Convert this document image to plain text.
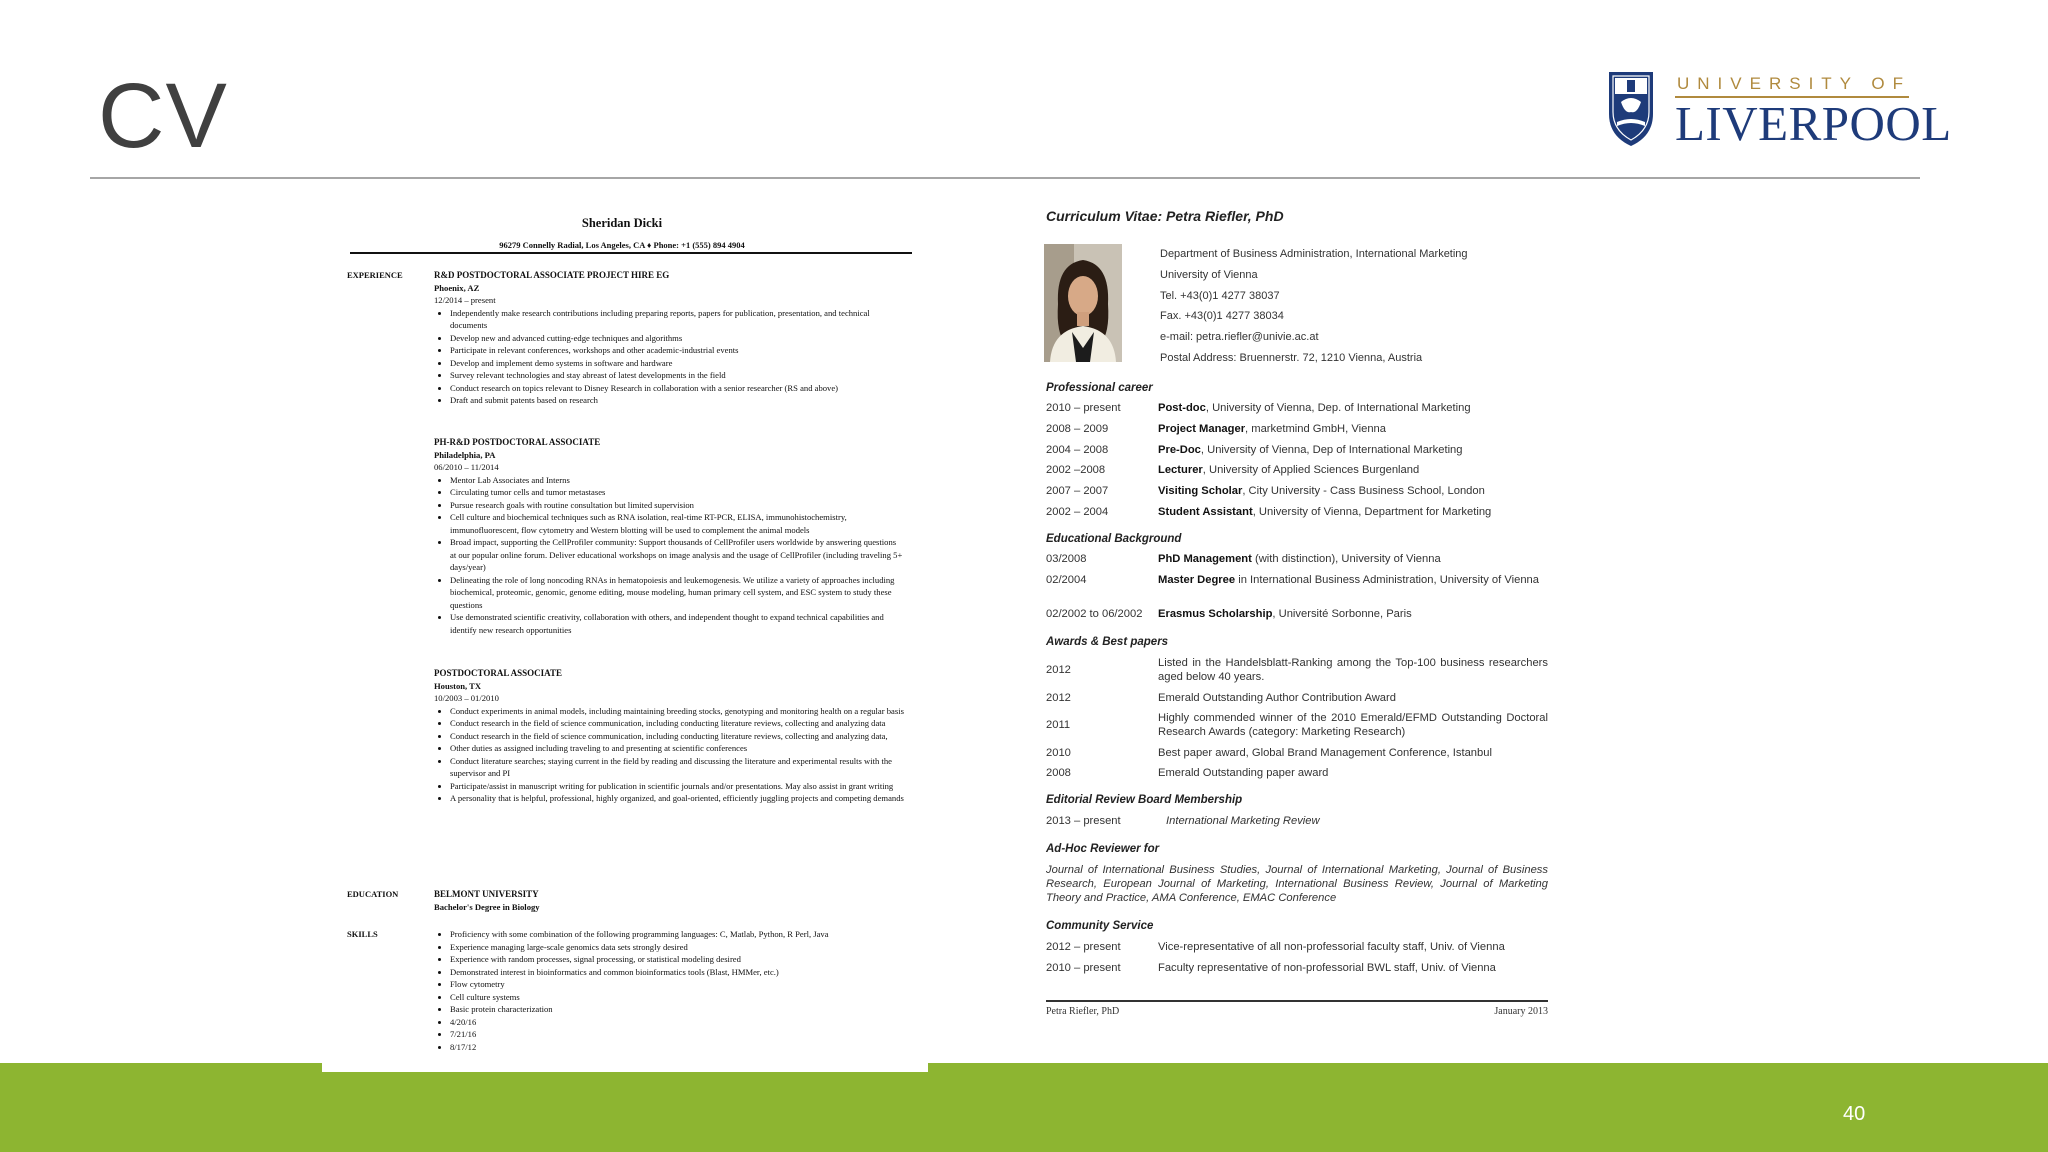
CV	UNIVERSITY OF
LIVERPOOL
40
Sheridan Dicki
96279 Connelly Radial, Los Angeles, CA ♦ Phone: +1 (555) 894 4904
EXPERIENCE	R&D POSTDOCTORAL ASSOCIATE PROJECT HIRE EG
Phoenix, AZ
12/2014 – present
• Independently make research contributions including preparing reports, papers for publication, presentation, and technical documents
• Develop new and advanced cutting-edge techniques and algorithms
• Participate in relevant conferences, workshops and other academic-industrial events
• Develop and implement demo systems in software and hardware
• Survey relevant technologies and stay abreast of latest developments in the field
• Conduct research on topics relevant to Disney Research in collaboration with a senior researcher (RS and above)
• Draft and submit patents based on research
PH-R&D POSTDOCTORAL ASSOCIATE
Philadelphia, PA
06/2010 – 11/2014
• Mentor Lab Associates and Interns
• Circulating tumor cells and tumor metastases
• Pursue research goals with routine consultation but limited supervision
• Cell culture and biochemical techniques such as RNA isolation, real-time RT-PCR, ELISA, immunohistochemistry, immunofluorescent, flow cytometry and Western blotting will be used to complement the animal models
• Broad impact, supporting the CellProfiler community: Support thousands of CellProfiler users worldwide by answering questions at our popular online forum. Deliver educational workshops on image analysis and the usage of CellProfiler (including traveling 5+ days/year)
• Delineating the role of long noncoding RNAs in hematopoiesis and leukemogenesis. We utilize a variety of approaches including biochemical, proteomic, genomic, genome editing, mouse modeling, human primary cell system, and ESC system to study these questions
• Use demonstrated scientific creativity, collaboration with others, and independent thought to expand technical capabilities and identify new research opportunities
POSTDOCTORAL ASSOCIATE
Houston, TX
10/2003 – 01/2010
• Conduct experiments in animal models, including maintaining breeding stocks, genotyping and monitoring health on a regular basis
• Conduct research in the field of science communication, including conducting literature reviews, collecting and analyzing data
• Conduct research in the field of science communication, including conducting literature reviews, collecting and analyzing data,
• Other duties as assigned including traveling to and presenting at scientific conferences
• Conduct literature searches; staying current in the field by reading and discussing the literature and experimental results with the supervisor and PI
• Participate/assist in manuscript writing for publication in scientific journals and/or presentations. May also assist in grant writing
• A personality that is helpful, professional, highly organized, and goal-oriented, efficiently juggling projects and competing demands
EDUCATION	BELMONT UNIVERSITY
Bachelor's Degree in Biology
SKILLS
•	Proficiency with some combination of the following programming languages: C, Matlab, Python, R Perl, Java
• Experience managing large-scale genomics data sets strongly desired
• Experience with random processes, signal processing, or statistical modeling desired
• Demonstrated interest in bioinformatics and common bioinformatics tools (Blast, HMMer, etc.)
• Flow cytometry
• Cell culture systems
• Basic protein characterization
• 4/20/16
• 7/21/16
• 8/17/12
Curriculum Vitae: Petra Riefler, PhD
Department of Business Administration, International Marketing
University of Vienna
Tel. +43(0)1 4277 38037
Fax. +43(0)1 4277 38034
e-mail: petra.riefler@univie.ac.at
Postal Address: Bruennerstr. 72, 1210 Vienna, Austria
Professional career
2010 – present	Post-doc, University of Vienna, Dep. of International Marketing
2008 – 2009	Project Manager, marketmind GmbH, Vienna
2004 – 2008	Pre-Doc, University of Vienna, Dep of International Marketing
2002 –2008	Lecturer, University of Applied Sciences Burgenland
2007 – 2007	Visiting Scholar, City University - Cass Business School, London
2002 – 2004	Student Assistant, University of Vienna, Department for Marketing
Educational Background
03/2008	PhD Management (with distinction), University of Vienna
02/2004	Master Degree in International Business Administration, University of Vienna
02/2002 to 06/2002	Erasmus Scholarship, Université Sorbonne, Paris
Awards & Best papers
2012
Listed in the Handelsblatt-Ranking among the Top-100 business researchers aged below 40 years.
2012	Emerald Outstanding Author Contribution Award
2011
Highly commended winner of the 2010 Emerald/EFMD Outstanding Doctoral Research Awards (category: Marketing Research)
2010	Best paper award, Global Brand Management Conference, Istanbul
2008	Emerald Outstanding paper award
Editorial Review Board Membership
2013 – present	International Marketing Review
Ad-Hoc Reviewer for
Journal of International Business Studies, Journal of International Marketing, Journal of Business Research, European Journal of Marketing, International Business Review, Journal of Marketing Theory and Practice, AMA Conference, EMAC Conference
Community Service
2012 – present	Vice-representative of all non-professorial faculty staff, Univ. of Vienna
2010 – present	Faculty representative of non-professorial BWL staff, Univ. of Vienna
Petra Riefler, PhD	January 2013
